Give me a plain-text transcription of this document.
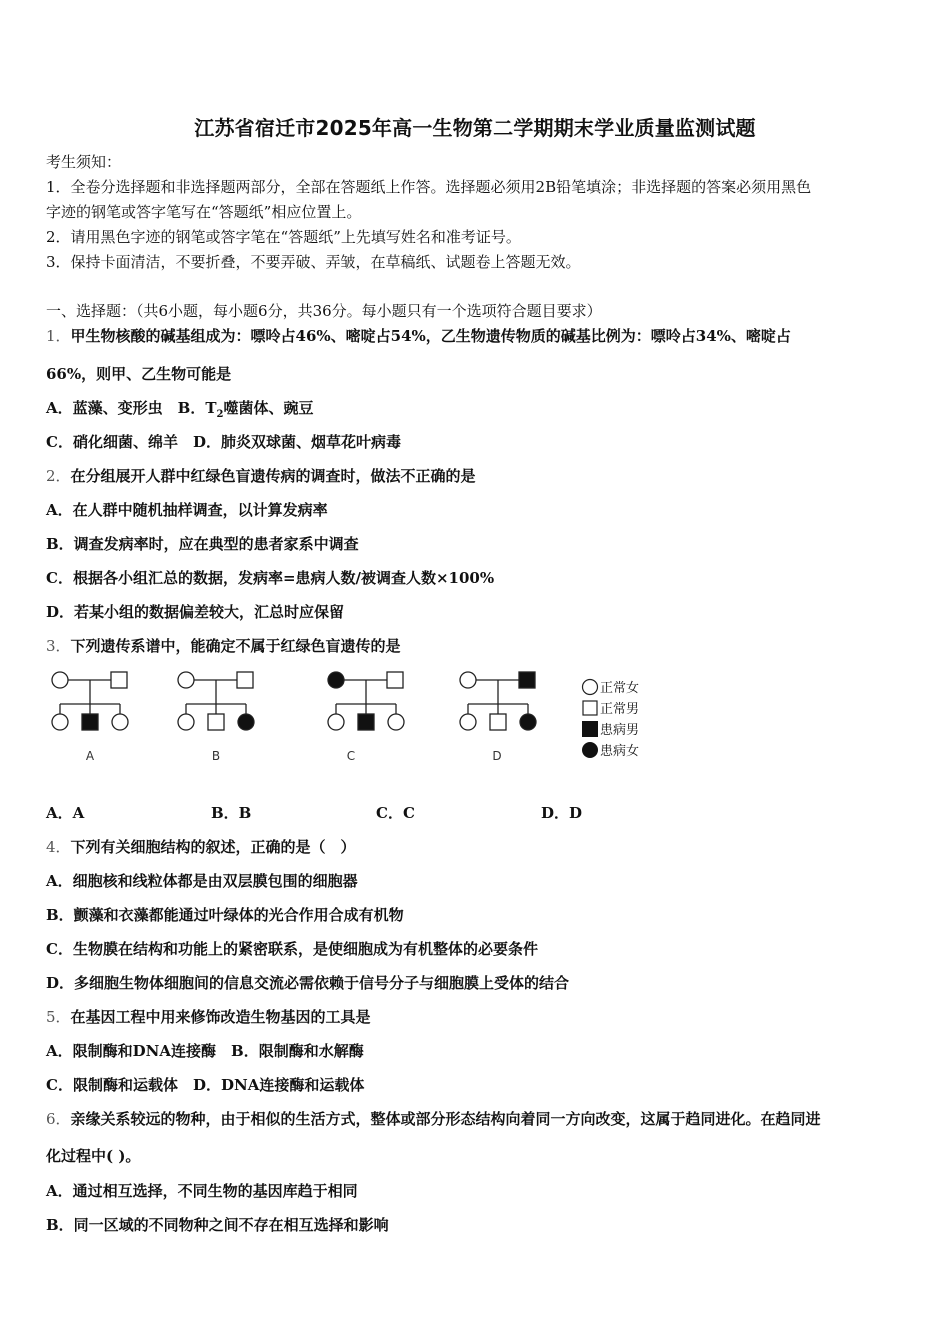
江苏省宿迁市2025年高一生物第二学期期末学业质量监测试题
考生须知：
1．全卷分选择题和非选择题两部分，全部在答题纸上作答。选择题必须用2B铅笔填涂；非选择题的答案必须用黑色
字迹的钢笔或答字笔写在“答题纸”相应位置上。
2．请用黑色字迹的钢笔或答字笔在“答题纸”上先填写姓名和准考证号。
3．保持卡面清洁，不要折叠，不要弄破、弄皱，在草稿纸、试题卷上答题无效。
一、选择题：（共6小题，每小题6分，共36分。每小题只有一个选项符合题目要求）
1．甲生物核酸的碱基组成为：嘌呤占46%、嘧啶占54%，乙生物遗传物质的碱基比例为：嘌呤占34%、嘧啶占
66%，则甲、乙生物可能是
A．蓝藻、变形虫　 B．$T_2$噬菌体、豌豆
C．硝化细菌、绵羊　 D．肺炎双球菌、烟草花叶病毒
2．在分组展开人群中红绿色盲遗传病的调查时，做法不正确的是
A．在人群中随机抽样调查，以计算发病率
B．调查发病率时，应在典型的患者家系中调查
C．根据各小组汇总的数据，发病率=患病人数/被调查人数×100%
D．若某小组的数据偏差较大，汇总时应保留
3．下列遗传系谱中，能确定不属于红绿色盲遗传的是
A	B	C	D
正常女
正常男
患病男
患病女
A．A	B．B	C．C	D．D
4．下列有关细胞结构的叙述，正确的是（　）
A．细胞核和线粒体都是由双层膜包围的细胞器
B．颤藻和衣藻都能通过叶绿体的光合作用合成有机物
C．生物膜在结构和功能上的紧密联系，是使细胞成为有机整体的必要条件
D．多细胞生物体细胞间的信息交流必需依赖于信号分子与细胞膜上受体的结合
5．在基因工程中用来修饰改造生物基因的工具是
A．限制酶和DNA连接酶　 B．限制酶和水解酶
C．限制酶和运载体　 D．DNA连接酶和运载体
6．亲缘关系较远的物种，由于相似的生活方式，整体或部分形态结构向着同一方向改变，这属于趋同进化。在趋同进
化过程中( )。
A．通过相互选择，不同生物的基因库趋于相同
B．同一区域的不同物种之间不存在相互选择和影响
